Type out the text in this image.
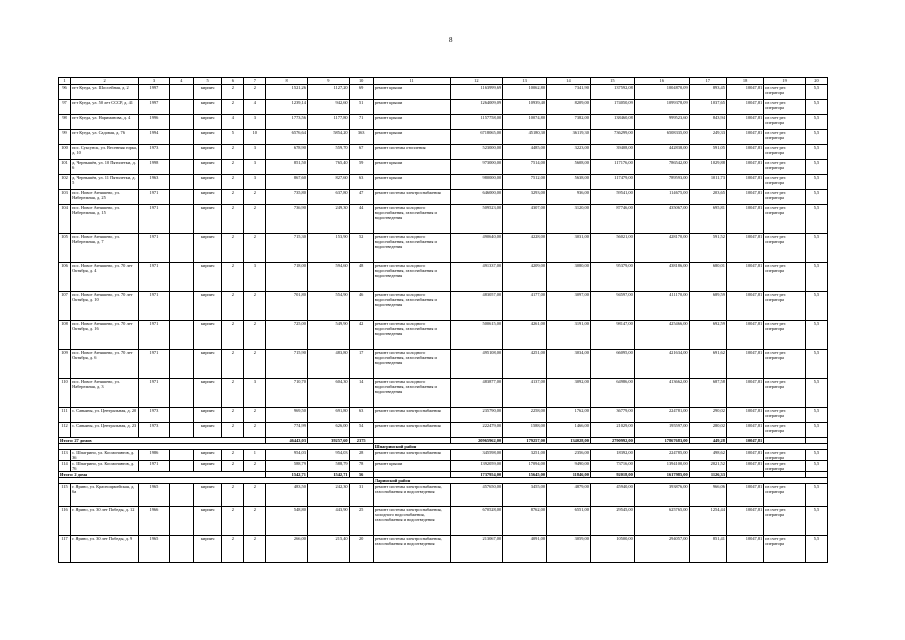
8
1	2	3	4	5	6	7	8	9	10	11	12	13	14	15	16	17	18	19	20
96	пгт Куеда, ул. Шоссейная, д. 2	1997		кирпич	2	2	1521,26	1127,20	69	ремонт крыши	1163999,69	10062,80	7341,90	137592,08	1004870,09	893,45	10047,81	из счет рег. оператора	5,5
97	пгт Куеда, ул. 50 лет СССР, д. 41	1997		кирпич	2	4	1239,14	942,60	51	ремонт крыши	1264009,09	10939,40	8209,00	174050,09	1099378,09	1037,65	10047,81	из счет рег. оператора	5,5
98	пгт Куеда, ул. Нариманова, д. 4	1996		кирпич	4	3	1773,56	1177,80	71	ремонт крыши	1157758,00	10074,80	7382,00	138460,08	999523,60	843,94	10047,81	из счет рег. оператора	5,5
99	пгт Куеда, ул. Садовая, д. 76	1994		кирпич	5	10	6576,64	5854,20	363	ремонт крыши	6718065,00	45180,30	36119,30	736299,00	6508335,00	249,33	10047,81	из счет рег. оператора	5,5
100	пос. Суксунск, ул. Весенняя горка, д. 10	1973		кирпич	2	3	678,90	559,70	67	ремонт системы отопления	523000,00	4485,00	3223,00	39408,00	442838,00	591,05	10047,81	из счет рег. оператора	5,5
101	д. Чернышёв, ул. 10 Пятилетки, д. 6	1998		кирпич	2	3	851,50	765,40	59	ремонт крыши	973000,00	7514,00	5608,00	117176,00	786542,00	1029,88	10047,81	из счет рег. оператора	5,5
102	д. Чернышёв, ул. 11 Пятилетки, д. 5	1963		кирпич	2	3	867,60	827,60	63	ремонт крыши	980000,00	7512,00	5638,00	117479,00	789593,00	1011,73	10047,81	из счет рег. оператора	5,5
103	пос. Новое Атняшево, ул. Набережная, д. 25	1971		кирпич	2	2	735,80	637,80	47	ремонт системы электроснабжения	646000,00	3293,00	936,00	59541,00	114675,00	203,65	10047,81	из счет рег. оператора	5,5
104	пос. Новое Атняшево, ул. Набережная, д. 15	1971		кирпич	2	2	736,90	249,30	44	ремонт системы холодного водоснабжения, газоснабжения и водоотведения	509523,00	4307,00	3120,00	87746,00	435067,00	695,81	10047,81	из счет рег. оператора	5,5
105	пос. Новое Атняшево, ул. Набережная, д. 7	1971		кирпич	2	2	715,30	153,90	52	ремонт системы холодного водоснабжения, газоснабжения и водоотведения	490640,00	4228,00	3031,00	56021,00	428170,00	591,52	10047,81	из счет рег. оператора	5,5
106	пос. Новое Атняшево, ул. 70 лет Октября, д. 4	1971		кирпич	2	3	718,00	594,60	48	ремонт системы холодного водоснабжения, газоснабжения и водоотведения	491337,00	4209,00	3080,00	95379,00	438186,00	680,01	10047,81	из счет рег. оператора	5,5
107	пос. Новое Атняшево, ул. 70 лет Октября, д. 10	1971		кирпич	2	2	701,80	554,90	46	ремонт системы холодного водоснабжения, газоснабжения и водоотведения	483057,00	4177,00	3097,00	94597,00	411170,00	689,59	10047,81	из счет рег. оператора	5,5
108	пос. Новое Атняшево, ул. 70 лет Октября, д. 16	1971		кирпич	2	2	725,00	549,90	42	ремонт системы холодного водоснабжения, газоснабжения и водоотведения	500615,00	4261,00	3191,00	98147,00	425466,00	692,59	10047,81	из счет рег. оператора	5,5
109	пос. Новое Атняшево, ул. 70 лет Октября, д. 6	1971		кирпич	2	2	715,90	483,80	17	ремонт системы холодного водоснабжения, газоснабжения и водоотведения	495108,00	4251,00	3034,00	66095,00	421634,00	691,62	10047,81	из счет рег. оператора	5,5
110	пос. Новое Атняшево, ул. Набережная, д. 3	1971		кирпич	2	3	710,70	604,30	14	ремонт системы холодного водоснабжения, газоснабжения и водоотведения	483877,00	4137,00	3092,00	64986,00	413662,00	687,58	10047,81	из счет рег. оператора	5,5
111	с. Савьяны, ул. Центральная, д. 20	1973		кирпич	2	2	969,50	691,80	63	ремонт системы электроснабжения	235790,00	2258,00	1762,00	36779,00	224781,00	290,02	10047,81	из счет рег. оператора	5,5
112	с. Савьяны, ул. Центральная, д. 23	1973		кирпич	2	2	774,99	626,00	54	ремонт системы электроснабжения	222479,00	1588,00	1466,00	21029,00	195597,00	280,02	10047,81	из счет рег. оператора	5,5
Итого: 27 домов							46443,03	39257,60	2375		20965962,00	179257,00	134028,00	2790992,00	17867683,00	449,28	10047,81		
										Шпагринский район									
113	с. Шпагрино, ул. Космонавтов, д. 36	1986		кирпич	2	1	954,03	954,03	28	ремонт системы электроснабжения	345598,00	3251,00	2356,00	18392,00	224785,00	498,62	10047,81	из счет рег. оператора	5,5
114	с. Шпагрино, ул. Космонавтов, д. 76	1971		кирпич	2	2	588,79	588,79	78	ремонт крыши	1392059,00	17094,00	9490,00	73716,00	1394100,00	2021,52	10047,81	из счет рег. оператора	5,5
Итого: 2 дома							1542,71	1542,71	56		1737954,00	15645,00	11846,00	92018,00	1617985,00	1126,33			
										Ларинский район									
115	г. Ярино, ул. Красноармейская, д. 6а	1965		кирпич	2	2	483,50	242,30	31	ремонт системы электроснабжения, газоснабжения и водоотведения	457650,00	3455,00	4879,00	45940,00	393876,00	966,06	10047,81	из счет рег. оператора	5,5
116	г. Ярино, ул. 30 лет Победы, д. 12	1966		кирпич	2	2	548,80	443,90	25	ремонт системы электроснабжения, холодного водоснабжения, газоснабжения и водоотведения	670528,00	8762,00	6551,00	29545,00	625765,00	1254,44	10047,81	из счет рег. оператора	5,5
117	г. Ярино, ул. 30 лет Победы, д. 9	1965		кирпич	2	2	266,00	215,40	20	ремонт системы электроснабжения, газоснабжения и водоотведения	213067,00	4091,00	3059,00	10500,00	294057,00	851,41	10047,81	из счет рег. оператора	5,5
